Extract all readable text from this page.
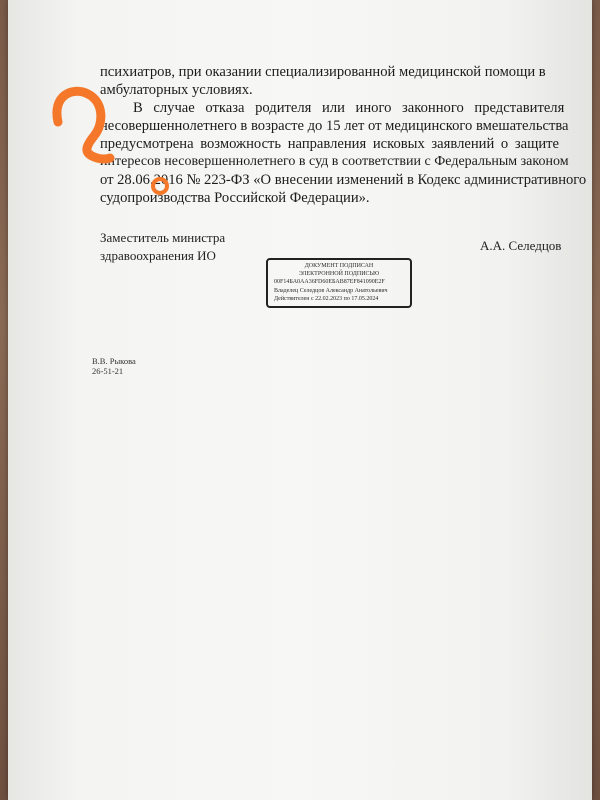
психиатров, при оказании специализированной медицинской помощи в
амбулаторных условиях.
В случае отказа родителя или иного законного представителя
несовершеннолетнего в возрасте до 15 лет от медицинского вмешательства
предусмотрена возможность направления исковых заявлений о защите
интересов несовершеннолетнего в суд в соответствии с Федеральным законом
от 28.06.2016 № 223-ФЗ «О внесении изменений в Кодекс административного
судопроизводства Российской Федерации».
Заместитель министра
здравоохранения ИО
А.А. Селедцов
ДОКУМЕНТ ПОДПИСАН
ЭЛЕКТРОННОЙ ПОДПИСЬЮ
00F14БА0АА36FD60EБАВ87ЕF841090E2F
Владелец Селедцов Александр Анатольевич
Действителен с 22.02.2023 по 17.05.2024
В.В. Рыкова
26-51-21
